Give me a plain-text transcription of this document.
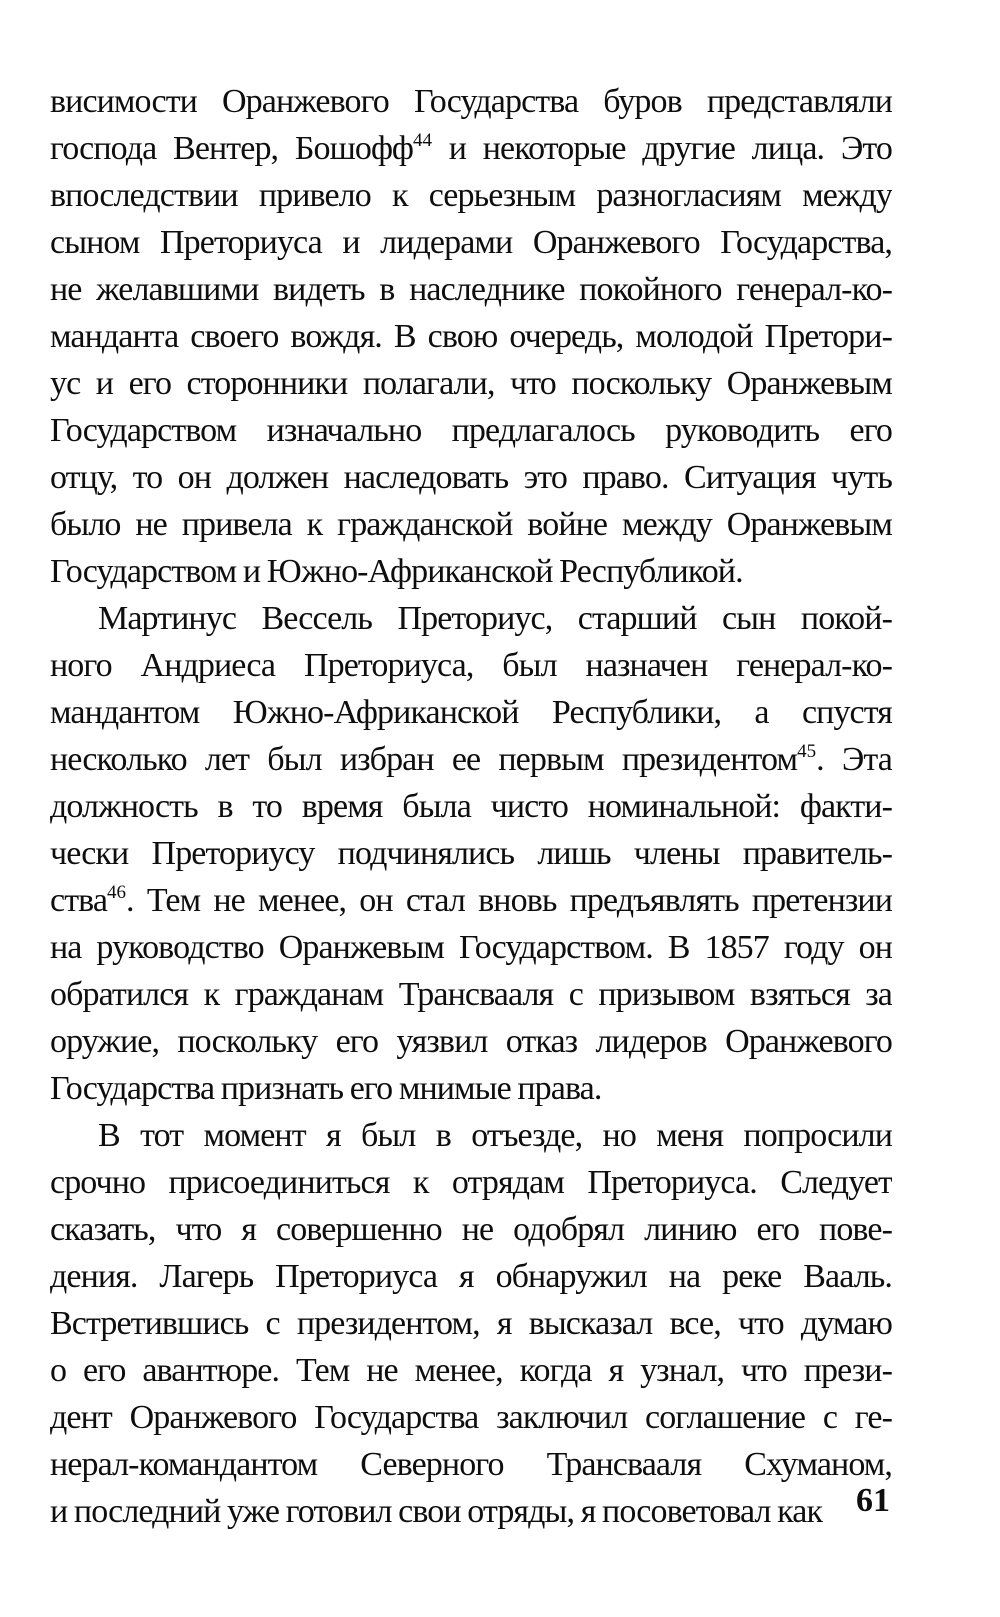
висимости Оранжевого Государства буров представляли
господа Вентер, Бошофф$^{44}$ и некоторые другие лица. Это
впоследствии привело к серьезным разногласиям между
сыном Преториуса и лидерами Оранжевого Государства,
не желавшими видеть в наследнике покойного генерал-ко-
манданта своего вождя. В свою очередь, молодой Претори-
ус и его сторонники полагали, что поскольку Оранжевым
Государством изначально предлагалось руководить его
отцу, то он должен наследовать это право. Ситуация чуть
было не привела к гражданской войне между Оранжевым
Государством и Южно-Африканской Республикой.
Мартинус Вессель Преториус, старший сын покой-
ного Андриеса Преториуса, был назначен генерал-ко-
мандантом Южно-Африканской Республики, а спустя
несколько лет был избран ее первым президентом$^{45}$. Эта
должность в то время была чисто номинальной: факти-
чески Преториусу подчинялись лишь члены правитель-
ства$^{46}$. Тем не менее, он стал вновь предъявлять претензии
на руководство Оранжевым Государством. В 1857 году он
обратился к гражданам Трансвааля с призывом взяться за
оружие, поскольку его уязвил отказ лидеров Оранжевого
Государства признать его мнимые права.
В тот момент я был в отъезде, но меня попросили
срочно присоединиться к отрядам Преториуса. Следует
сказать, что я совершенно не одобрял линию его пове-
дения. Лагерь Преториуса я обнаружил на реке Вааль.
Встретившись с президентом, я высказал все, что думаю
о его авантюре. Тем не менее, когда я узнал, что прези-
дент Оранжевого Государства заключил соглашение с ге-
нерал-командантом Северного Трансвааля Схуманом,
и последний уже готовил свои отряды, я посоветовал как 61
